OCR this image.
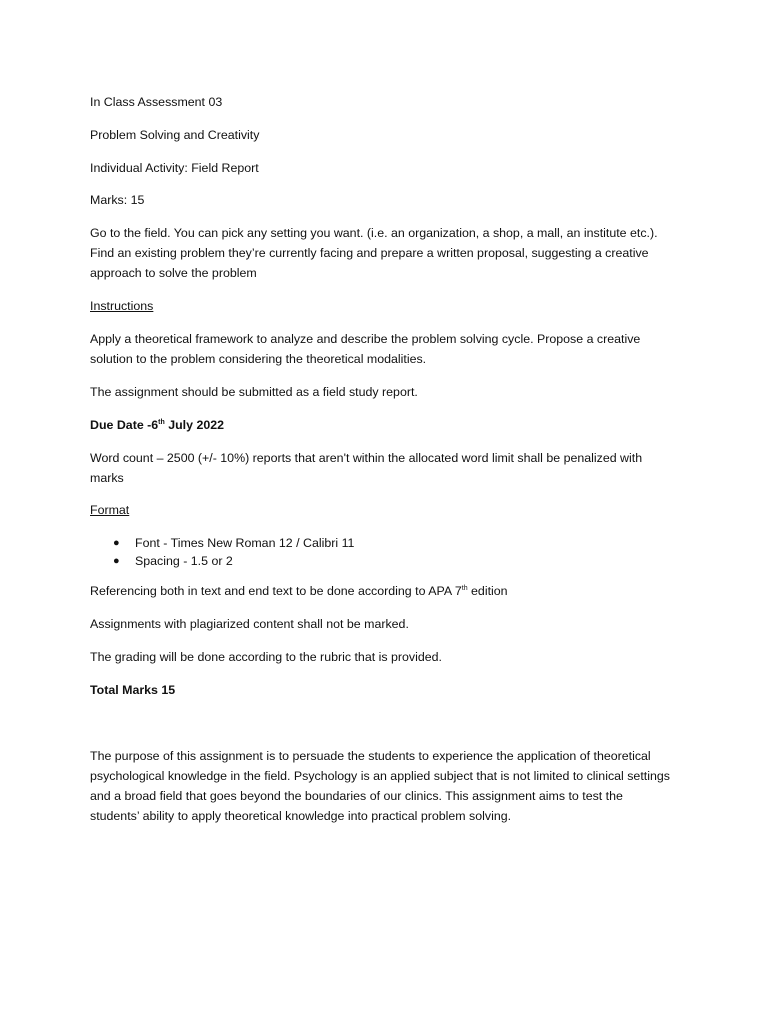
In Class Assessment 03

Problem Solving and Creativity

Individual Activity: Field Report

Marks: 15

Go to the field. You can pick any setting you want. (i.e. an organization, a shop, a mall, an institute etc.). Find an existing problem they’re currently facing and prepare a written proposal, suggesting a creative approach to solve the problem

Instructions

Apply a theoretical framework to analyze and describe the problem solving cycle. Propose a creative solution to the problem considering the theoretical modalities.

The assignment should be submitted as a field study report.

Due Date -6th July 2022

Word count – 2500 (+/- 10%) reports that aren't within the allocated word limit shall be penalized with marks

Format

● Font - Times New Roman 12 / Calibri 11
● Spacing - 1.5 or 2

Referencing both in text and end text to be done according to APA 7th edition

Assignments with plagiarized content shall not be marked.

The grading will be done according to the rubric that is provided.

Total Marks 15

The purpose of this assignment is to persuade the students to experience the application of theoretical psychological knowledge in the field. Psychology is an applied subject that is not limited to clinical settings and a broad field that goes beyond the boundaries of our clinics. This assignment aims to test the students’ ability to apply theoretical knowledge into practical problem solving.
